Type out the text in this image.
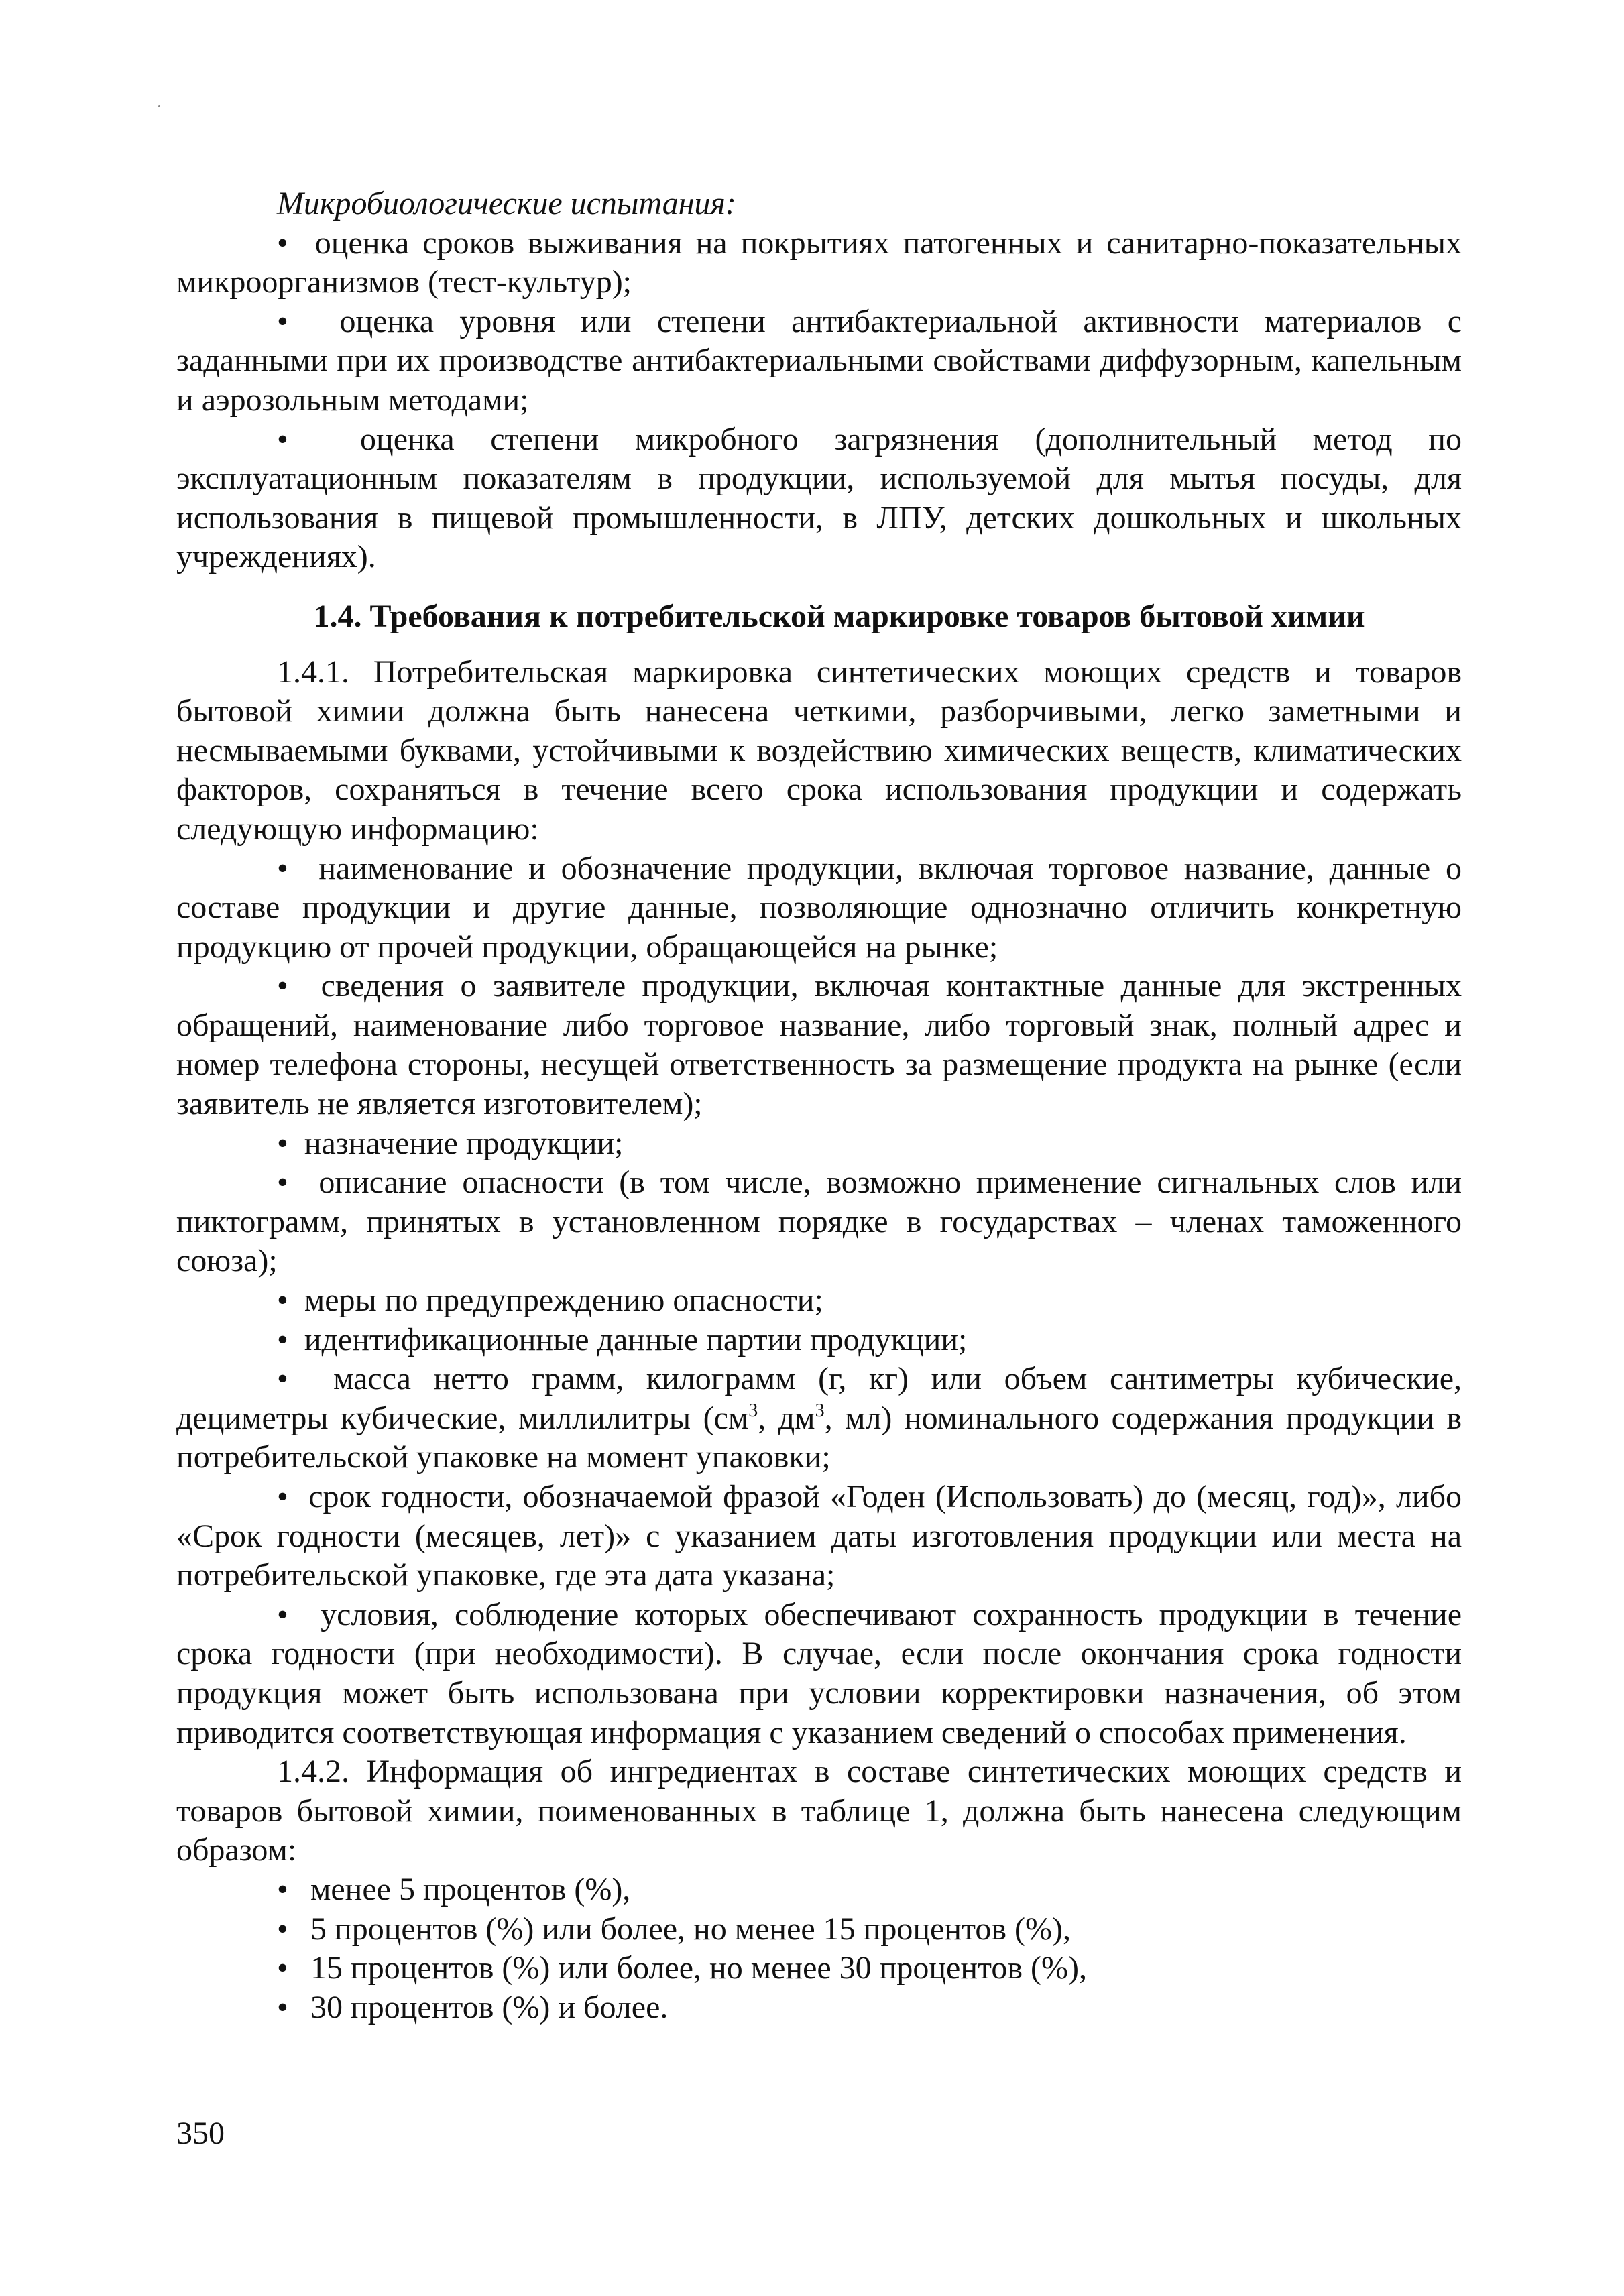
Микробиологические испытания:

• оценка сроков выживания на покрытиях патогенных и санитарно-показательных микроорганизмов (тест-культур);

• оценка уровня или степени антибактериальной активности материалов с заданными при их производстве антибактериальными свойствами диффузорным, капельным и аэрозольным методами;

• оценка степени микробного загрязнения (дополнительный метод по эксплуатационным показателям в продукции, используемой для мытья посуды, для использования в пищевой промышленности, в ЛПУ, детских дошкольных и школьных учреждениях).

1.4. Требования к потребительской маркировке товаров бытовой химии

1.4.1. Потребительская маркировка синтетических моющих средств и товаров бытовой химии должна быть нанесена четкими, разборчивыми, легко заметными и несмываемыми буквами, устойчивыми к воздействию химических веществ, климатических факторов, сохраняться в течение всего срока использования продукции и содержать следующую информацию:

• наименование и обозначение продукции, включая торговое название, данные о составе продукции и другие данные, позволяющие однозначно отличить конкретную продукцию от прочей продукции, обращающейся на рынке;

• сведения о заявителе продукции, включая контактные данные для экстренных обращений, наименование либо торговое название, либо торговый знак, полный адрес и номер телефона стороны, несущей ответственность за размещение продукта на рынке (если заявитель не является изготовителем);

• назначение продукции;

• описание опасности (в том числе, возможно применение сигнальных слов или пиктограмм, принятых в установленном порядке в государствах – членах таможенного союза);

• меры по предупреждению опасности;

• идентификационные данные партии продукции;

• масса нетто грамм, килограмм (г, кг) или объем сантиметры кубические, дециметры кубические, миллилитры ($см^3$, $дм^3$, мл) номинального содержания продукции в потребительской упаковке на момент упаковки;

• срок годности, обозначаемой фразой «Годен (Использовать) до (месяц, год)», либо «Срок годности (месяцев, лет)» с указанием даты изготовления продукции или места на потребительской упаковке, где эта дата указана;

• условия, соблюдение которых обеспечивают сохранность продукции в течение срока годности (при необходимости). В случае, если после окончания срока годности продукция может быть использована при условии корректировки назначения, об этом приводится соответствующая информация с указанием сведений о способах применения.

1.4.2. Информация об ингредиентах в составе синтетических моющих средств и товаров бытовой химии, поименованных в таблице 1, должна быть нанесена следующим образом:

• менее 5 процентов (%),

• 5 процентов (%) или более, но менее 15 процентов (%),

• 15 процентов (%) или более, но менее 30 процентов (%),

• 30 процентов (%) и более.

350
